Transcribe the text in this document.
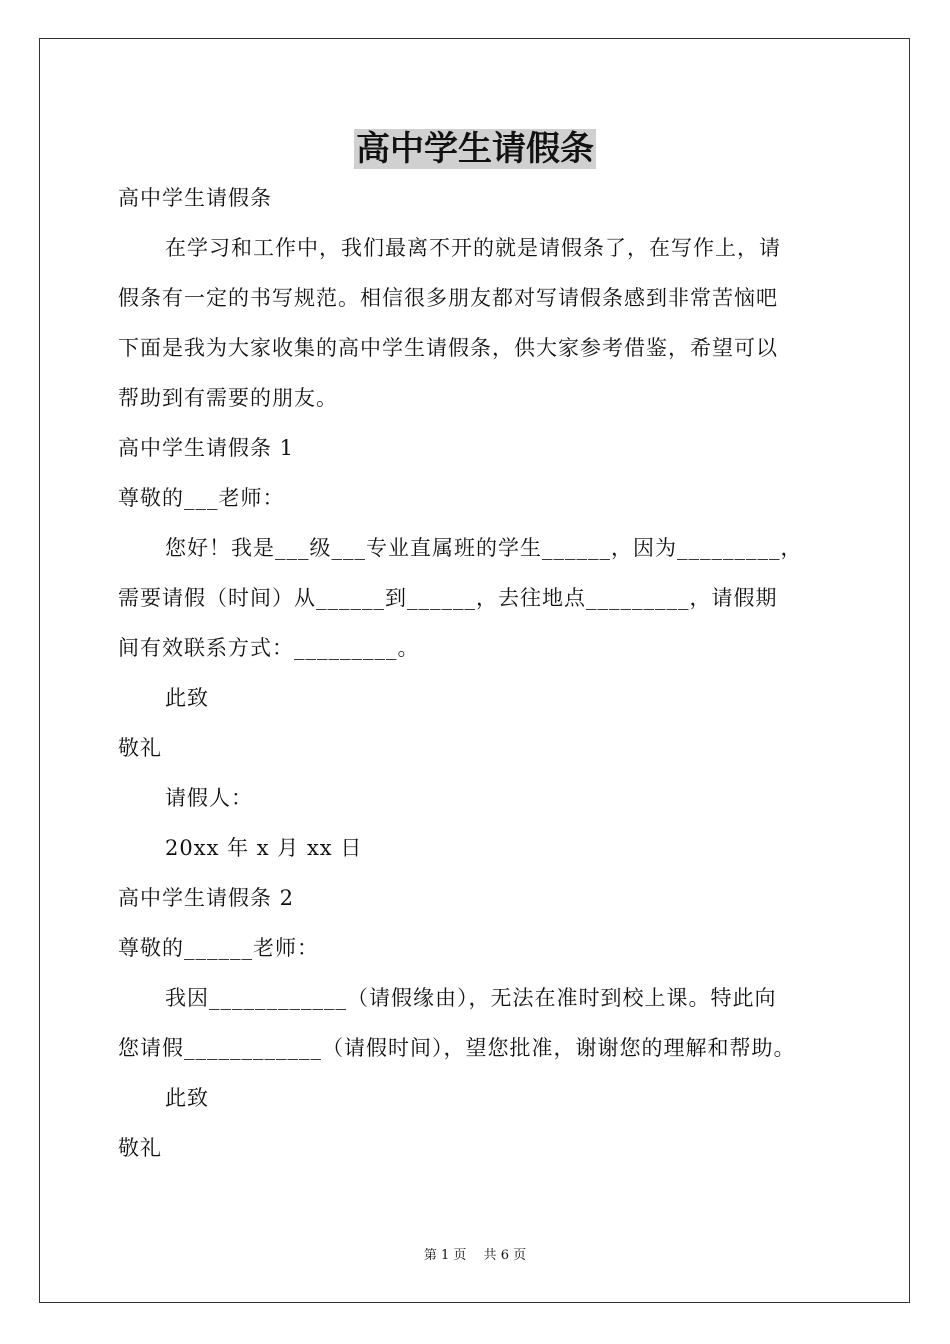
高中学生请假条
高中学生请假条
在学习和工作中，我们最离不开的就是请假条了，在写作上，请
假条有一定的书写规范。相信很多朋友都对写请假条感到非常苦恼吧
下面是我为大家收集的高中学生请假条，供大家参考借鉴，希望可以
帮助到有需要的朋友。
高中学生请假条 1
尊敬的___老师：
您好！我是___级___专业直属班的学生______，因为_________，
需要请假（时间）从______到______，去往地点_________，请假期
间有效联系方式：_________。
此致
敬礼
请假人：
20xx 年 x 月 xx 日
高中学生请假条 2
尊敬的______老师：
我因____________（请假缘由），无法在准时到校上课。特此向
您请假____________（请假时间），望您批准，谢谢您的理解和帮助。
此致
敬礼
第 1 页　 共 6 页
